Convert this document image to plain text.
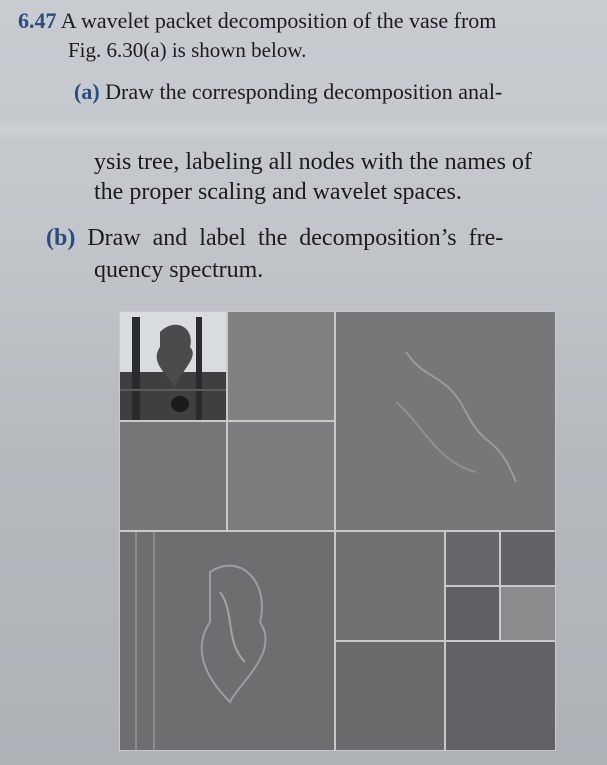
6.47 A wavelet packet decomposition of the vase from
Fig. 6.30(a) is shown below.
(a) Draw the corresponding decomposition anal-
ysis tree, labeling all nodes with the names of
the proper scaling and wavelet spaces.
(b) Draw and label the decomposition’s fre-
quency spectrum.
